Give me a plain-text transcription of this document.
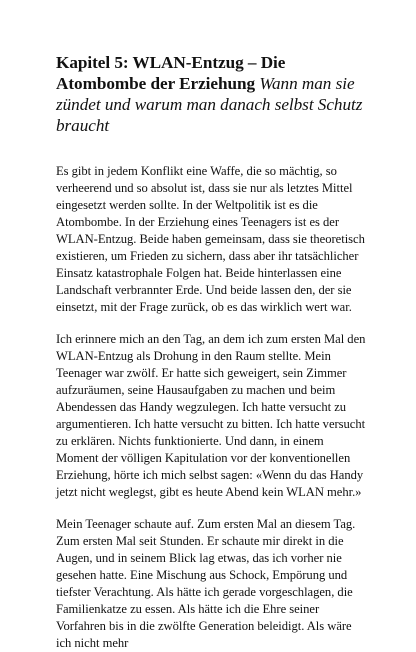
Kapitel 5: WLAN-Entzug – Die Atombombe der Erziehung Wann man sie zündet und warum man danach selbst Schutz braucht

Es gibt in jedem Konflikt eine Waffe, die so mächtig, so verheerend und so absolut ist, dass sie nur als letztes Mittel eingesetzt werden sollte. In der Weltpolitik ist es die Atombombe. In der Erziehung eines Teenagers ist es der WLAN-Entzug. Beide haben gemeinsam, dass sie theoretisch existieren, um Frieden zu sichern, dass aber ihr tatsächlicher Einsatz katastrophale Folgen hat. Beide hinterlassen eine Landschaft verbrannter Erde. Und beide lassen den, der sie einsetzt, mit der Frage zurück, ob es das wirklich wert war.

Ich erinnere mich an den Tag, an dem ich zum ersten Mal den WLAN-Entzug als Drohung in den Raum stellte. Mein Teenager war zwölf. Er hatte sich geweigert, sein Zimmer aufzuräumen, seine Hausaufgaben zu machen und beim Abendessen das Handy wegzulegen. Ich hatte versucht zu argumentieren. Ich hatte versucht zu bitten. Ich hatte versucht zu erklären. Nichts funktionierte. Und dann, in einem Moment der völligen Kapitulation vor der konventionellen Erziehung, hörte ich mich selbst sagen: «Wenn du das Handy jetzt nicht weglegst, gibt es heute Abend kein WLAN mehr.»

Mein Teenager schaute auf. Zum ersten Mal an diesem Tag. Zum ersten Mal seit Stunden. Er schaute mir direkt in die Augen, und in seinem Blick lag etwas, das ich vorher nie gesehen hatte. Eine Mischung aus Schock, Empörung und tiefster Verachtung. Als hätte ich gerade vorgeschlagen, die Familienkatze zu essen. Als hätte ich die Ehre seiner Vorfahren bis in die zwölfte Generation beleidigt. Als wäre ich nicht mehr
